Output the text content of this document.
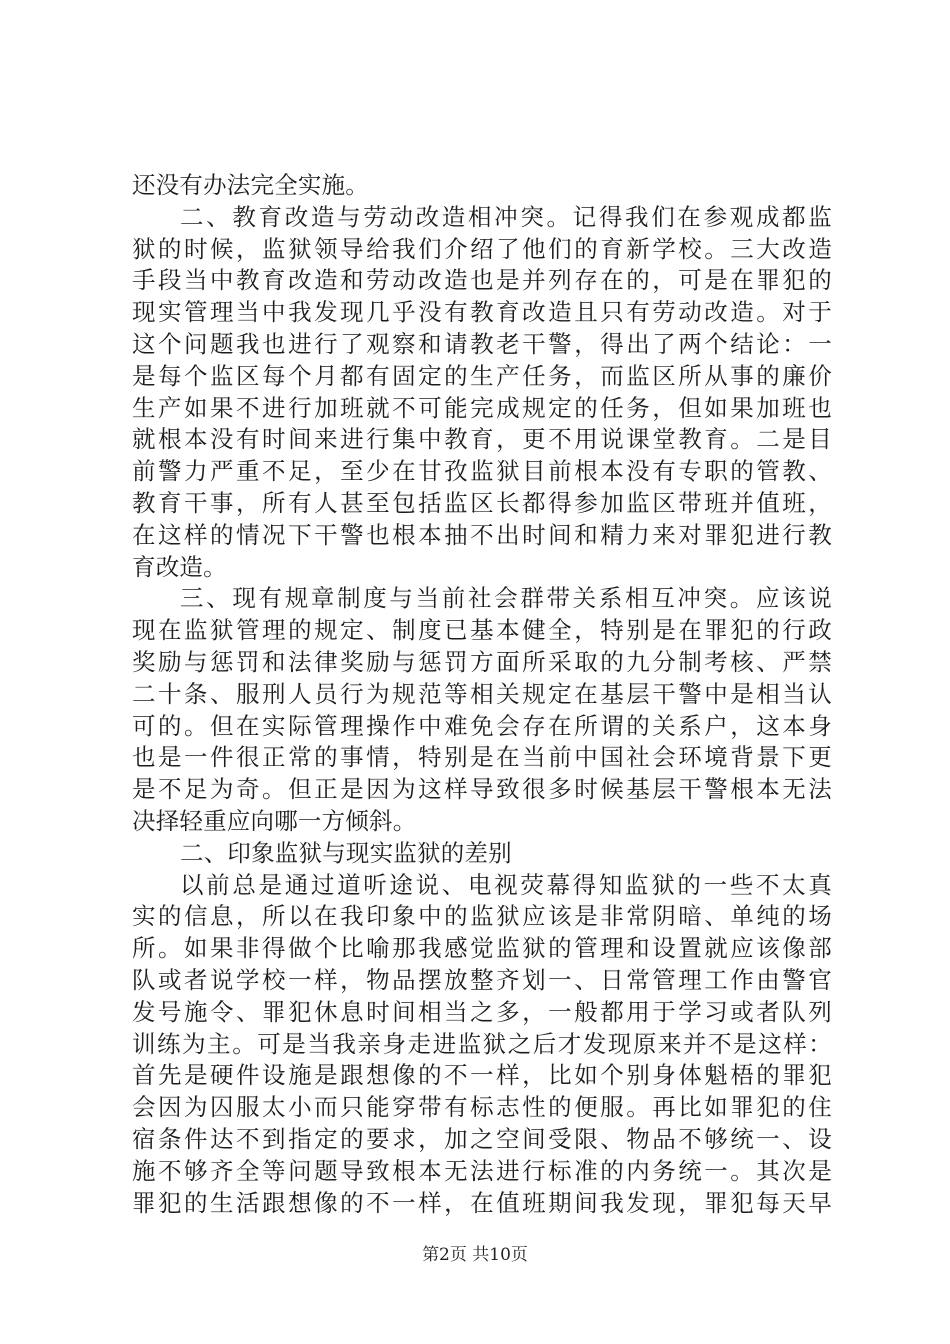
还没有办法完全实施。
二、教育改造与劳动改造相冲突。记得我们在参观成都监
狱的时候，监狱领导给我们介绍了他们的育新学校。三大改造
手段当中教育改造和劳动改造也是并列存在的，可是在罪犯的
现实管理当中我发现几乎没有教育改造且只有劳动改造。对于
这个问题我也进行了观察和请教老干警，得出了两个结论：一
是每个监区每个月都有固定的生产任务，而监区所从事的廉价
生产如果不进行加班就不可能完成规定的任务，但如果加班也
就根本没有时间来进行集中教育，更不用说课堂教育。二是目
前警力严重不足，至少在甘孜监狱目前根本没有专职的管教、
教育干事，所有人甚至包括监区长都得参加监区带班并值班，
在这样的情况下干警也根本抽不出时间和精力来对罪犯进行教
育改造。
三、现有规章制度与当前社会群带关系相互冲突。应该说
现在监狱管理的规定、制度已基本健全，特别是在罪犯的行政
奖励与惩罚和法律奖励与惩罚方面所采取的九分制考核、严禁
二十条、服刑人员行为规范等相关规定在基层干警中是相当认
可的。但在实际管理操作中难免会存在所谓的关系户，这本身
也是一件很正常的事情，特别是在当前中国社会环境背景下更
是不足为奇。但正是因为这样导致很多时候基层干警根本无法
决择轻重应向哪一方倾斜。
二、印象监狱与现实监狱的差别
以前总是通过道听途说、电视荧幕得知监狱的一些不太真
实的信息，所以在我印象中的监狱应该是非常阴暗、单纯的场
所。如果非得做个比喻那我感觉监狱的管理和设置就应该像部
队或者说学校一样，物品摆放整齐划一、日常管理工作由警官
发号施令、罪犯休息时间相当之多，一般都用于学习或者队列
训练为主。可是当我亲身走进监狱之后才发现原来并不是这样：
首先是硬件设施是跟想像的不一样，比如个别身体魁梧的罪犯
会因为囚服太小而只能穿带有标志性的便服。再比如罪犯的住
宿条件达不到指定的要求，加之空间受限、物品不够统一、设
施不够齐全等问题导致根本无法进行标准的内务统一。其次是
罪犯的生活跟想像的不一样，在值班期间我发现，罪犯每天早
第2页 共10页
